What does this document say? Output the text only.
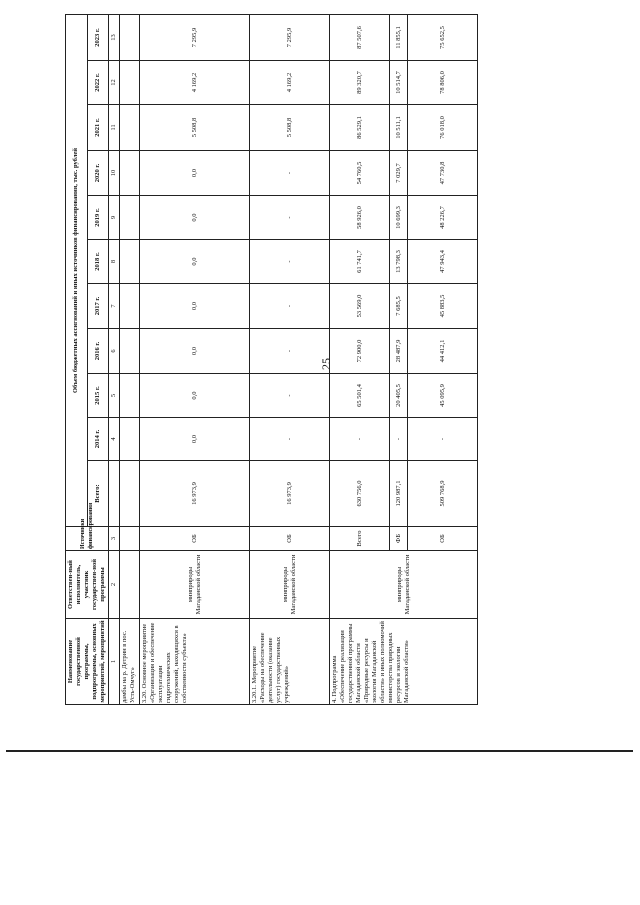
25
Наименование государственной программы, подпрограммы, основных мероприятий, мероприятий	Ответствен-ный исполнитель, участник государствен-ной программы	Источники финансирования	Объем бюджетных ассигнований и иных источников финансирования, тыс. рублей										
			Всего:	2014 г.	2015 г.	2016 г.	2017 г.	2018 г.	2019 г.	2020 г.	2021 г.	2022 г.	2023 г.
1	2	3		4	5	6	7	8	9	10	11	12	13
дамбы на р. Детрин в пос. Усть-Омчуг»													
3.20. Основное мероприятие «Организация и обеспечение эксплуатации гидротехнических сооружений, находящихся в собственности субъекта»	минприроды Магаданской области	ОБ	16 973,9	0,0	0,0	0,0	0,0	0,0	0,0	0,0	5 508,8	4 169,2	7 295,9
3.20.1. Мероприятие «Расходы на обеспечение деятельности (оказание услуг) государственных учреждений»	минприроды Магаданской области	ОБ	16 973,9	-	-	-	-	-	-	-	5 508,8	4 169,2	7 295,9
4. Подпрограмма «Обеспечение реализации государственной программы Магаданской области «Природные ресурсы и экология Магаданской области» и иных полномочий министерства природных ресурсов и экологии Магаданской области»	минприроды Магаданской области	Всего	630 756,0	-	65 501,4	72 900,0	53 569,0	61 741,7	58 926,0	54 760,5	86 529,1	89 320,7	87 507,6
		ФБ	120 987,1	-	20 405,5	28 487,9	7 685,5	13 798,3	10 699,3	7 029,7	10 511,1	10 514,7	11 855,1
		ОБ	509 768,9	-	45 095,9	44 412,1	45 883,5	47 943,4	48 226,7	47 730,8	76 018,0	78 806,0	75 652,5
